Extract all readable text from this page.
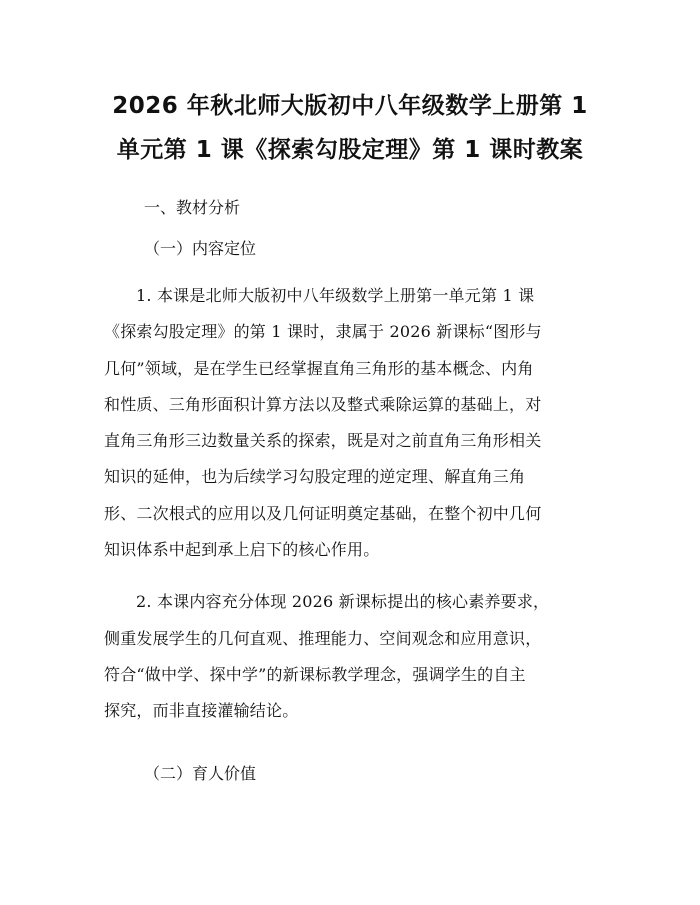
2026 年秋北师大版初中八年级数学上册第 1
单元第 1 课《探索勾股定理》第 1 课时教案

一、教材分析

（一）内容定位

1. 本课是北师大版初中八年级数学上册第一单元第 1 课
《探索勾股定理》的第 1 课时，隶属于 2026 新课标“图形与
几何”领域，是在学生已经掌握直角三角形的基本概念、内角
和性质、三角形面积计算方法以及整式乘除运算的基础上，对
直角三角形三边数量关系的探索，既是对之前直角三角形相关
知识的延伸，也为后续学习勾股定理的逆定理、解直角三角
形、二次根式的应用以及几何证明奠定基础，在整个初中几何
知识体系中起到承上启下的核心作用。

2. 本课内容充分体现 2026 新课标提出的核心素养要求，
侧重发展学生的几何直观、推理能力、空间观念和应用意识，
符合“做中学、探中学”的新课标教学理念，强调学生的自主
探究，而非直接灌输结论。

（二）育人价值
